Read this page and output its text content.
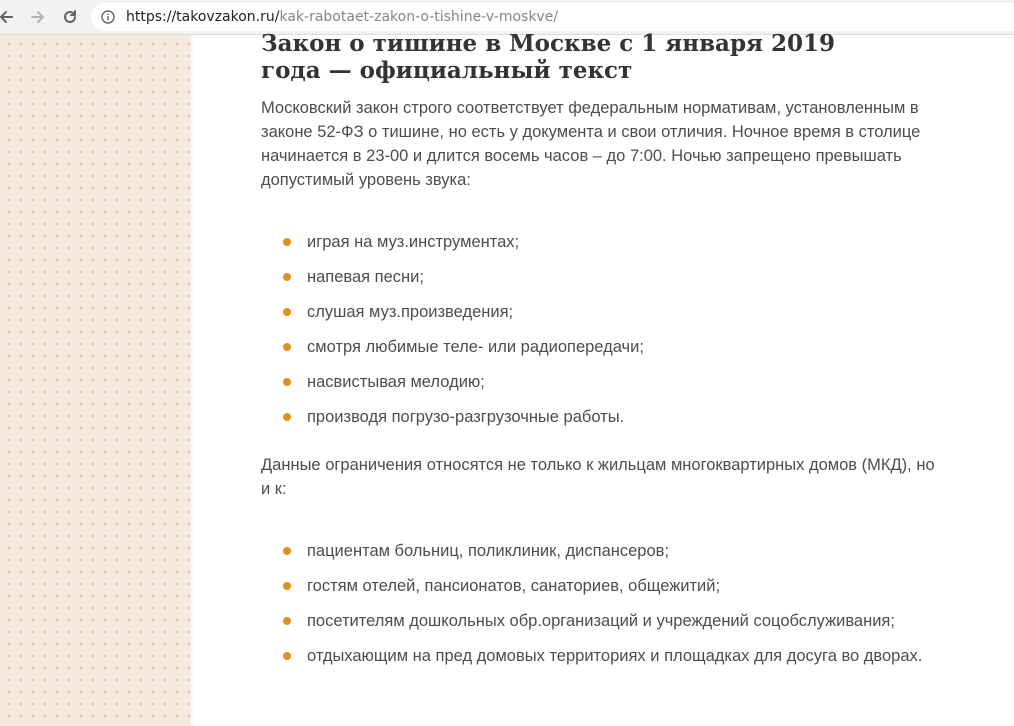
https://takovzakon.ru/kak-rabotaet-zakon-o-tishine-v-moskve/
Закон о тишине в Москве с 1 января 2019 года — официальный текст

Московский закон строго соответствует федеральным нормативам, установленным в законе 52-ФЗ о тишине, но есть у документа и свои отличия. Ночное время в столице начинается в 23-00 и длится восемь часов – до 7:00. Ночью запрещено превышать допустимый уровень звука:

играя на муз.инструментах;
напевая песни;
слушая муз.произведения;
смотря любимые теле- или радиопередачи;
насвистывая мелодию;
производя погрузо-разгрузочные работы.

Данные ограничения относятся не только к жильцам многоквартирных домов (МКД), но и к:

пациентам больниц, поликлиник, диспансеров;
гостям отелей, пансионатов, санаториев, общежитий;
посетителям дошкольных обр.организаций и учреждений соцобслуживания;
отдыхающим на пред домовых территориях и площадках для досуга во дворах.
